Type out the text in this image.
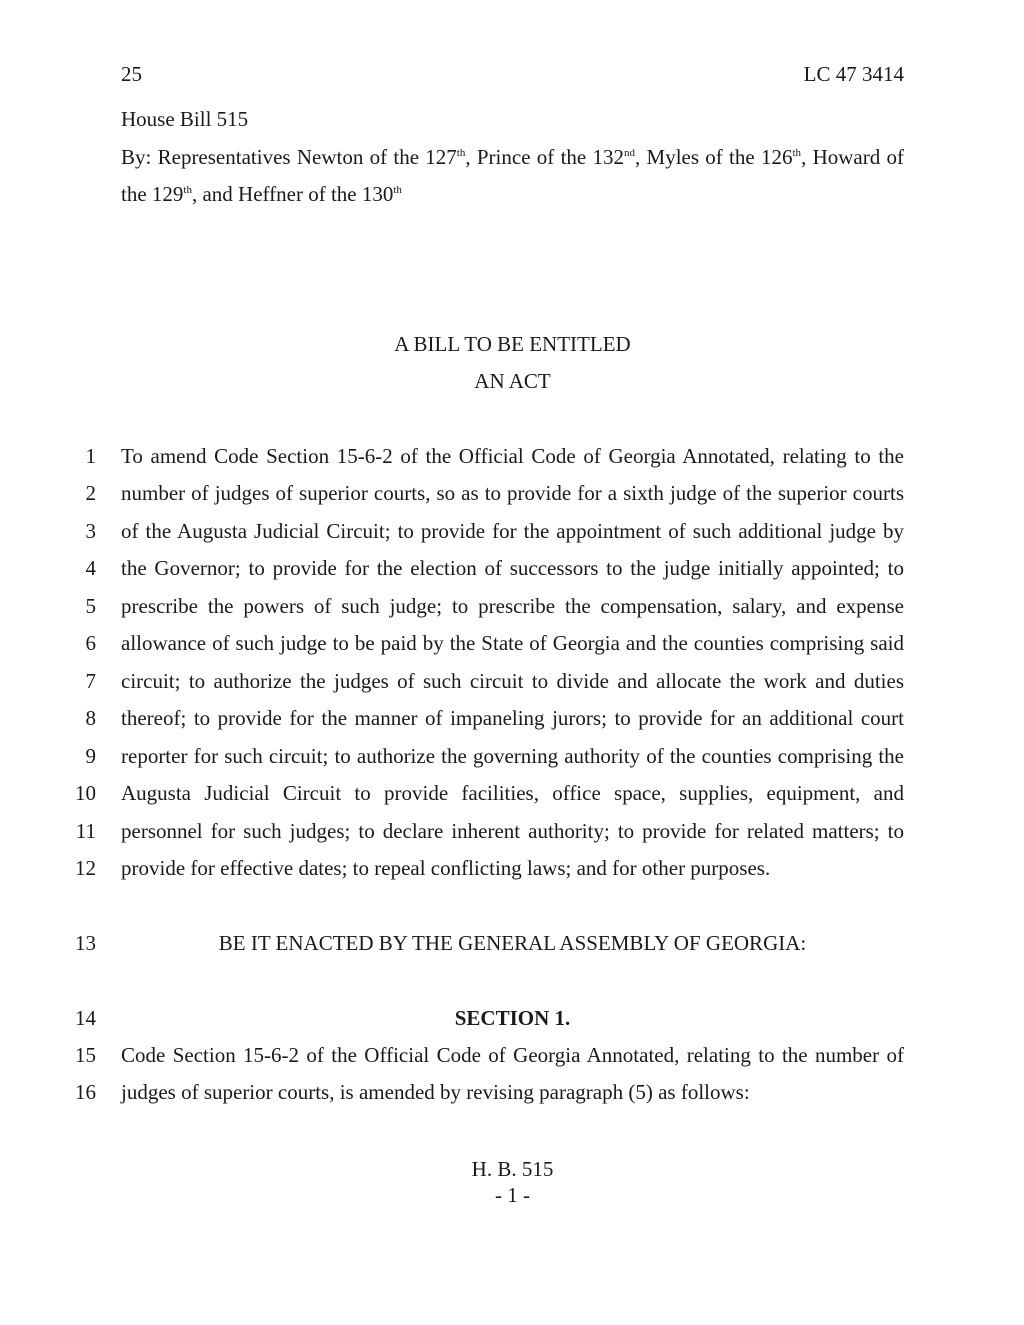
25	LC 47 3414
House Bill 515
By: Representatives Newton of the 127th, Prince of the 132nd, Myles of the 126th, Howard of
the 129th, and Heffner of the 130th
A BILL TO BE ENTITLED
AN ACT
1 To amend Code Section 15-6-2 of the Official Code of Georgia Annotated, relating to the
2 number of judges of superior courts, so as to provide for a sixth judge of the superior courts
3 of the Augusta Judicial Circuit; to provide for the appointment of such additional judge by
4 the Governor; to provide for the election of successors to the judge initially appointed; to
5 prescribe the powers of such judge; to prescribe the compensation, salary, and expense
6 allowance of such judge to be paid by the State of Georgia and the counties comprising said
7 circuit; to authorize the judges of such circuit to divide and allocate the work and duties
8 thereof; to provide for the manner of impaneling jurors; to provide for an additional court
9 reporter for such circuit; to authorize the governing authority of the counties comprising the
10 Augusta Judicial Circuit to provide facilities, office space, supplies, equipment, and
11 personnel for such judges; to declare inherent authority; to provide for related matters; to
12 provide for effective dates; to repeal conflicting laws; and for other purposes.
13	BE IT ENACTED BY THE GENERAL ASSEMBLY OF GEORGIA:
14	SECTION 1.
15 Code Section 15-6-2 of the Official Code of Georgia Annotated, relating to the number of
16 judges of superior courts, is amended by revising paragraph (5) as follows:
H. B. 515
- 1 -
